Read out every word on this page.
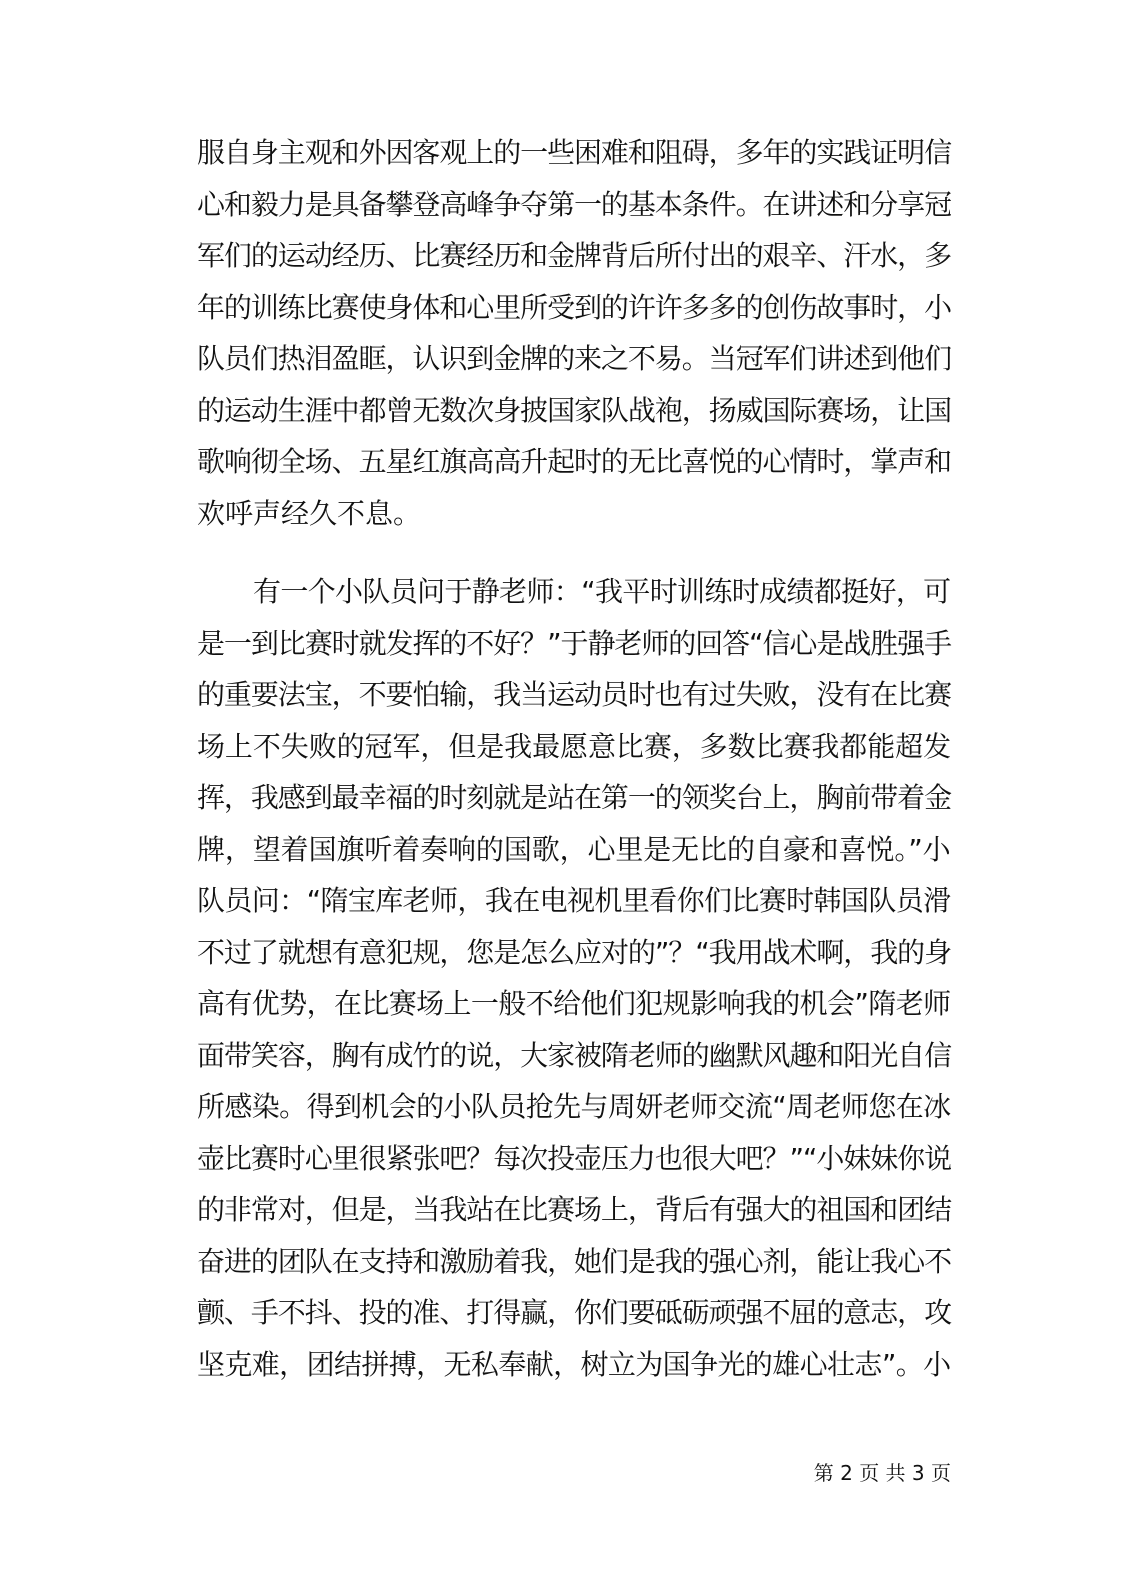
服自身主观和外因客观上的一些困难和阻碍，多年的实践证明信
心和毅力是具备攀登高峰争夺第一的基本条件。在讲述和分享冠
军们的运动经历、比赛经历和金牌背后所付出的艰辛、汗水，多
年的训练比赛使身体和心里所受到的许许多多的创伤故事时，小
队员们热泪盈眶，认识到金牌的来之不易。当冠军们讲述到他们
的运动生涯中都曾无数次身披国家队战袍，扬威国际赛场，让国
歌响彻全场、五星红旗高高升起时的无比喜悦的心情时，掌声和
欢呼声经久不息。
有一个小队员问于静老师：“我平时训练时成绩都挺好，可
是一到比赛时就发挥的不好？”于静老师的回答“信心是战胜强手
的重要法宝，不要怕输，我当运动员时也有过失败，没有在比赛
场上不失败的冠军，但是我最愿意比赛，多数比赛我都能超发
挥，我感到最幸福的时刻就是站在第一的领奖台上，胸前带着金
牌，望着国旗听着奏响的国歌，心里是无比的自豪和喜悦。”小
队员问：“隋宝库老师，我在电视机里看你们比赛时韩国队员滑
不过了就想有意犯规，您是怎么应对的”？“我用战术啊，我的身
高有优势，在比赛场上一般不给他们犯规影响我的机会”隋老师
面带笑容，胸有成竹的说，大家被隋老师的幽默风趣和阳光自信
所感染。得到机会的小队员抢先与周妍老师交流“周老师您在冰
壶比赛时心里很紧张吧？每次投壶压力也很大吧？”“小妹妹你说
的非常对，但是，当我站在比赛场上，背后有强大的祖国和团结
奋进的团队在支持和激励着我，她们是我的强心剂，能让我心不
颤、手不抖、投的准、打得赢，你们要砥砺顽强不屈的意志，攻
坚克难，团结拼搏，无私奉献，树立为国争光的雄心壮志”。小
第 2 页 共 3 页
